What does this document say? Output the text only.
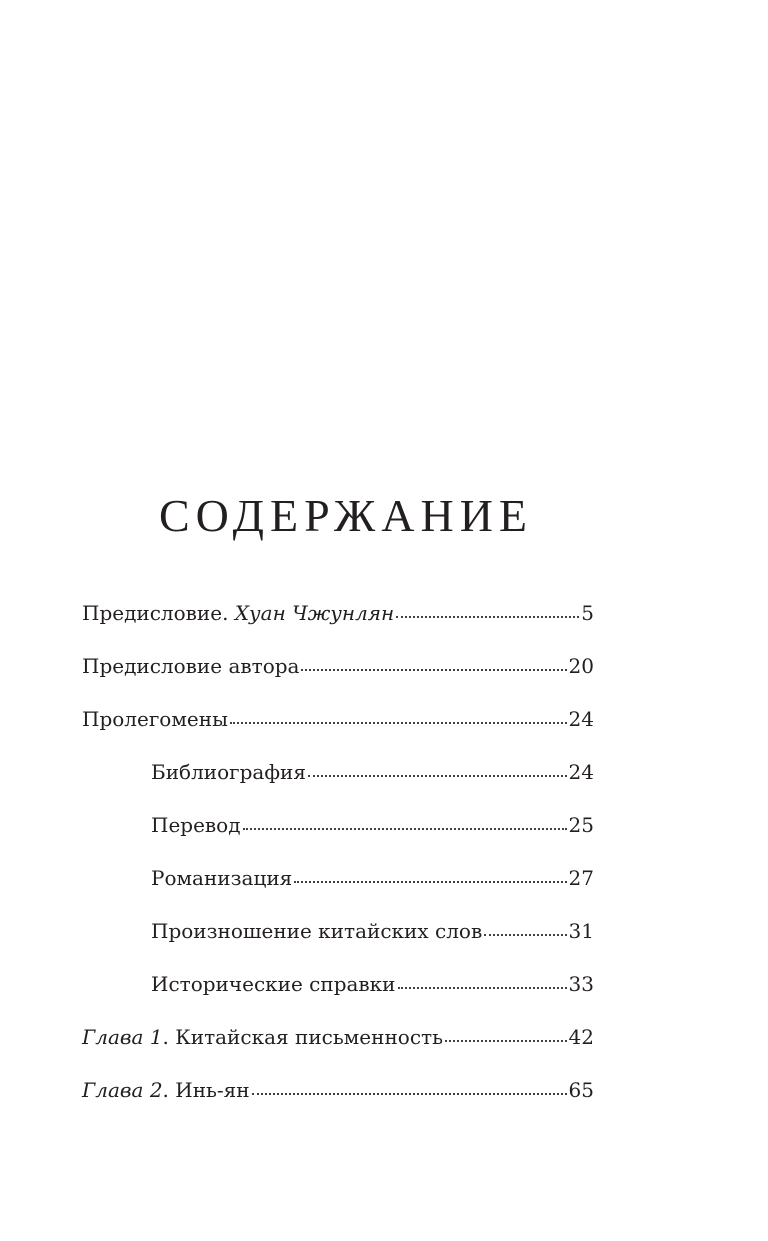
СОДЕРЖАНИЕ
Предисловие. Хуан Чжунлян	5
Предисловие автора	20
Пролегомены	24
Библиография	24
Перевод	25
Романизация	27
Произношение китайских слов	31
Исторические справки	33
Глава 1. Китайская письменность	42
Глава 2. Инь-ян	65
